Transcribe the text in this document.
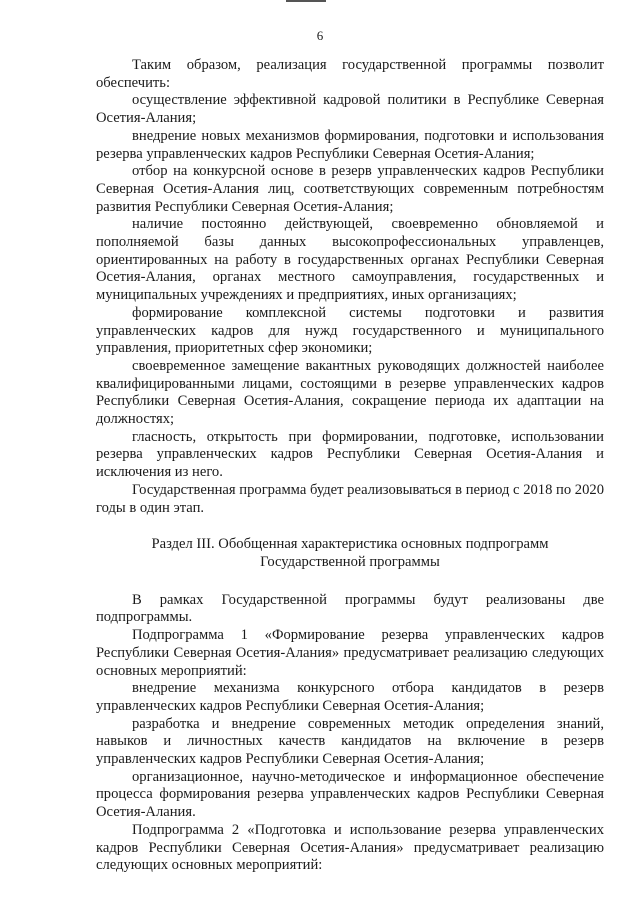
6

Таким образом, реализация государственной программы позволит обеспечить:

осуществление эффективной кадровой политики в Республике Северная Осетия-Алания;

внедрение новых механизмов формирования, подготовки и использования резерва управленческих кадров Республики Северная Осетия-Алания;

отбор на конкурсной основе в резерв управленческих кадров Республики Северная Осетия-Алания лиц, соответствующих современным потребностям развития Республики Северная Осетия-Алания;

наличие постоянно действующей, своевременно обновляемой и пополняемой базы данных высокопрофессиональных управленцев, ориентированных на работу в государственных органах Республики Северная Осетия-Алания, органах местного самоуправления, государственных и муниципальных учреждениях и предприятиях, иных организациях;

формирование комплексной системы подготовки и развития управленческих кадров для нужд государственного и муниципального управления, приоритетных сфер экономики;

своевременное замещение вакантных руководящих должностей наиболее квалифицированными лицами, состоящими в резерве управленческих кадров Республики Северная Осетия-Алания, сокращение периода их адаптации на должностях;

гласность, открытость при формировании, подготовке, использовании резерва управленческих кадров Республики Северная Осетия-Алания и исключения из него.

Государственная программа будет реализовываться в период с 2018 по 2020 годы в один этап.

Раздел III. Обобщенная характеристика основных подпрограмм Государственной программы

В рамках Государственной программы будут реализованы две подпрограммы.

Подпрограмма 1 «Формирование резерва управленческих кадров Республики Северная Осетия-Алания» предусматривает реализацию следующих основных мероприятий:

внедрение механизма конкурсного отбора кандидатов в резерв управленческих кадров Республики Северная Осетия-Алания;

разработка и внедрение современных методик определения знаний, навыков и личностных качеств кандидатов на включение в резерв управленческих кадров Республики Северная Осетия-Алания;

организационное, научно-методическое и информационное обеспечение процесса формирования резерва управленческих кадров Республики Северная Осетия-Алания.

Подпрограмма 2 «Подготовка и использование резерва управленческих кадров Республики Северная Осетия-Алания» предусматривает реализацию следующих основных мероприятий:
